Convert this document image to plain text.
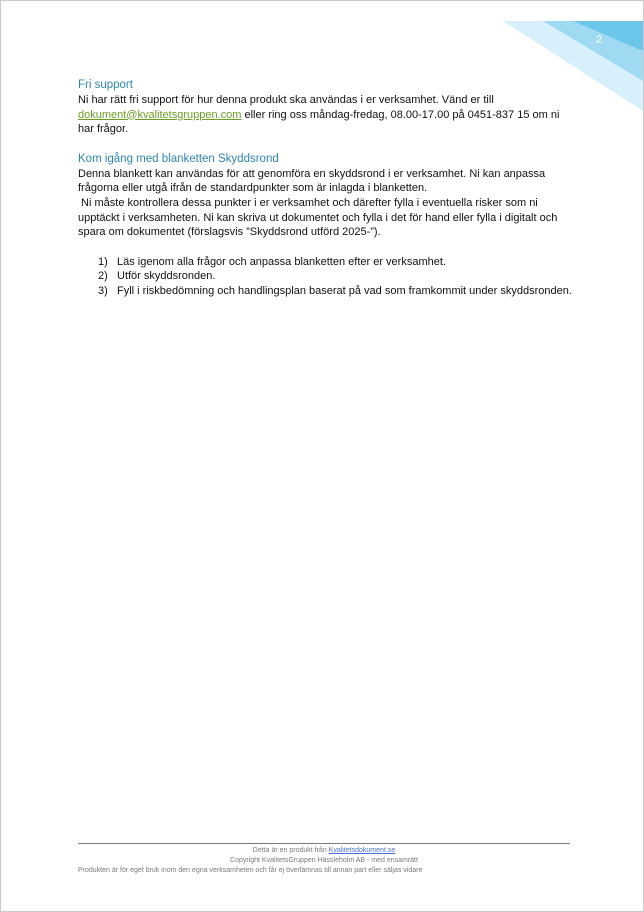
2
Fri support
Ni har rätt fri support för hur denna produkt ska användas i er verksamhet. Vänd er till
dokument@kvalitetsgruppen.com eller ring oss måndag-fredag, 08.00-17.00 på 0451-837 15 om ni
har frågor.
Kom igång med blanketten Skyddsrond
Denna blankett kan användas för att genomföra en skyddsrond i er verksamhet. Ni kan anpassa
frågorna eller utgå ifrån de standardpunkter som är inlagda i blanketten.
Ni måste kontrollera dessa punkter i er verksamhet och därefter fylla i eventuella risker som ni
upptäckt i verksamheten. Ni kan skriva ut dokumentet och fylla i det för hand eller fylla i digitalt och
spara om dokumentet (förslagsvis ”Skyddsrond utförd 2025-”).
1) Läs igenom alla frågor och anpassa blanketten efter er verksamhet.
2) Utför skyddsronden.
3) Fyll i riskbedömning och handlingsplan baserat på vad som framkommit under skyddsronden.
Detta är en produkt från Kvalitetsdokument.se
Copyright KvalitetsGruppen Hässleholm AB - med ensamrätt
Produkten är för eget bruk inom den egna verksamheten och får ej överlämnas till annan part eller säljas vidare
